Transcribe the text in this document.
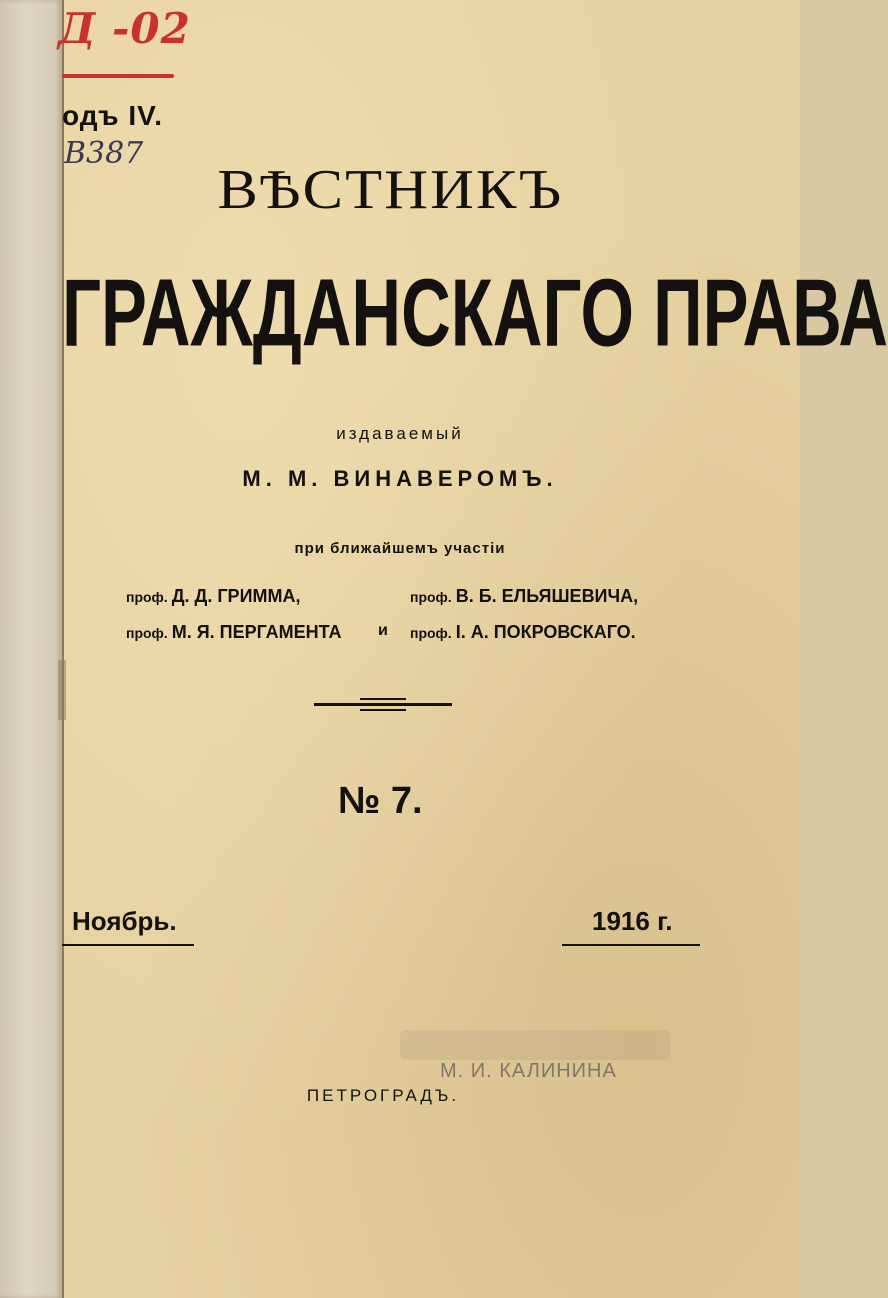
Д -02
B387
одъ IV.
ВѢСТНИКЪ
ГРАЖДАНСКАГО ПРАВА
издаваемый
М. М. ВИНАВЕРОМЪ.
при ближайшемъ участіи
проф. Д. Д. ГРИММА,	проф. В. Б. ЕЛЬЯШЕВИЧА,
проф. М. Я. ПЕРГАМЕНТА и проф. І. А. ПОКРОВСКАГО.
№ 7.
Ноябрь.	1916 г.
М. И. КАЛИНИНА
ПЕТРОГРАДЪ.
